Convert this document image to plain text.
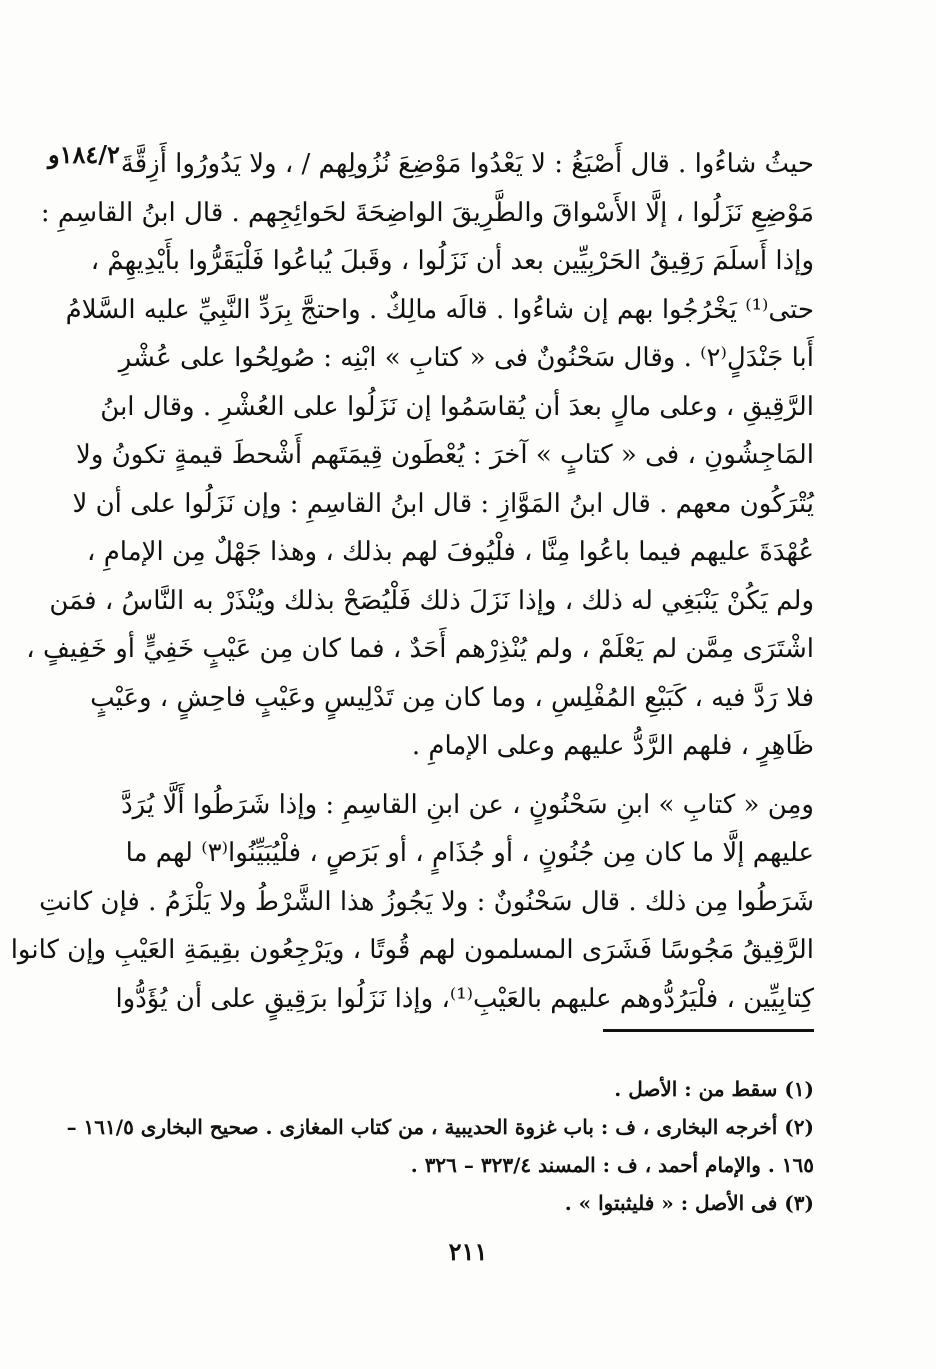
١٨٤/٢و حيثُ شاءُوا . قال أَصْبَغُ : لا يَعْدُوا مَوْضِعَ نُزُولِهم / ، ولا يَدُورُوا أَزِقَّةَ
مَوْضِعِ نَزَلُوا ، إلَّا الأَسْواقَ والطَّرِيقَ الواضِحَةَ لحَوائِجِهم . قال ابنُ القاسِمِ :
وإذا أَسلَمَ رَقِيقُ الحَرْبِيِّين بعد أن نَزَلُوا ، وقَبلَ يُباعُوا فَلْيَقَرُّوا بأَيْدِيهِمْ ،
حتى⁽¹⁾ يَخْرُجُوا بهم إن شاءُوا . قالَه مالِكٌ . واحتجَّ بِرَدِّ النَّبِيِّ عليه السَّلامُ
أَبا جَنْدَلٍ⁽٢⁾ . وقال سَحْنُونٌ فى « كتابِ » ابْنِه : صُولِحُوا على عُشْرِ
الرَّقِيقِ ، وعلى مالٍ بعدَ أن يُقاسَمُوا إن نَزَلُوا على العُشْرِ . وقال ابنُ
المَاجِشُونِ ، فى « كتابٍ » آخرَ : يُعْطَون قِيمَتَهم أَشْحطَ قيمةٍ تكونُ ولا
يُتْرَكُون معهم . قال ابنُ المَوَّازِ : قال ابنُ القاسِمِ : وإن نَزَلُوا على أن لا
عُهْدَةَ عليهم فيما باعُوا مِنَّا ، فلْيُوفَ لهم بذلك ، وهذا جَهْلٌ مِن الإمامِ ،
ولم يَكُنْ يَنْبَغِي له ذلك ، وإذا نَزَلَ ذلك فَلْيُصَحْ بذلك ويُنْذَرْ به النَّاسُ ، فمَن
اشْتَرَى مِمَّن لم يَعْلَمْ ، ولم يُنْذِرْهم أَحَدٌ ، فما كان مِن عَيْبٍ خَفِيٍّ أو خَفِيفٍ ،
فلا رَدَّ فيه ، كَبَيْعِ المُفْلِسِ ، وما كان مِن تَدْلِيسٍ وعَيْبٍ فاحِشٍ ، وعَيْبٍ
ظَاهِرٍ ، فلهم الرَّدُّ عليهم وعلى الإمامِ .
ومِن « كتابِ » ابنِ سَحْنُونٍ ، عن ابنِ القاسِمِ : وإذا شَرَطُوا أَلَّا يُرَدَّ
عليهم إلَّا ما كان مِن جُنُونٍ ، أو جُذَامٍ ، أو بَرَصٍ ، فلْيُبَيِّنُوا⁽٣⁾ لهم ما
شَرَطُوا مِن ذلك . قال سَحْنُونٌ : ولا يَجُوزُ هذا الشَّرْطُ ولا يَلْزَمُ . فإن كانتِ
الرَّقِيقُ مَجُوسًا فَشَرَى المسلمون لهم قُوتًا ، ويَرْجِعُون بقِيمَةِ العَيْبِ وإن كانوا
كِتابِيِّين ، فلْيَرُدُّوهم عليهم بالعَيْبِ⁽¹⁾، وإذا نَزَلُوا برَقِيقٍ على أن يُؤَدُّوا
(١) سقط من : الأصل .
(٢) أخرجه البخارى ، ف : باب غزوة الحديبية ، من كتاب المغازى . صحيح البخارى ١٦١/٥ –
١٦٥ . والإمام أحمد ، ف : المسند ٣٢٣/٤ – ٣٢٦ .
(٣) فى الأصل : « فليثبتوا » .
٢١١
